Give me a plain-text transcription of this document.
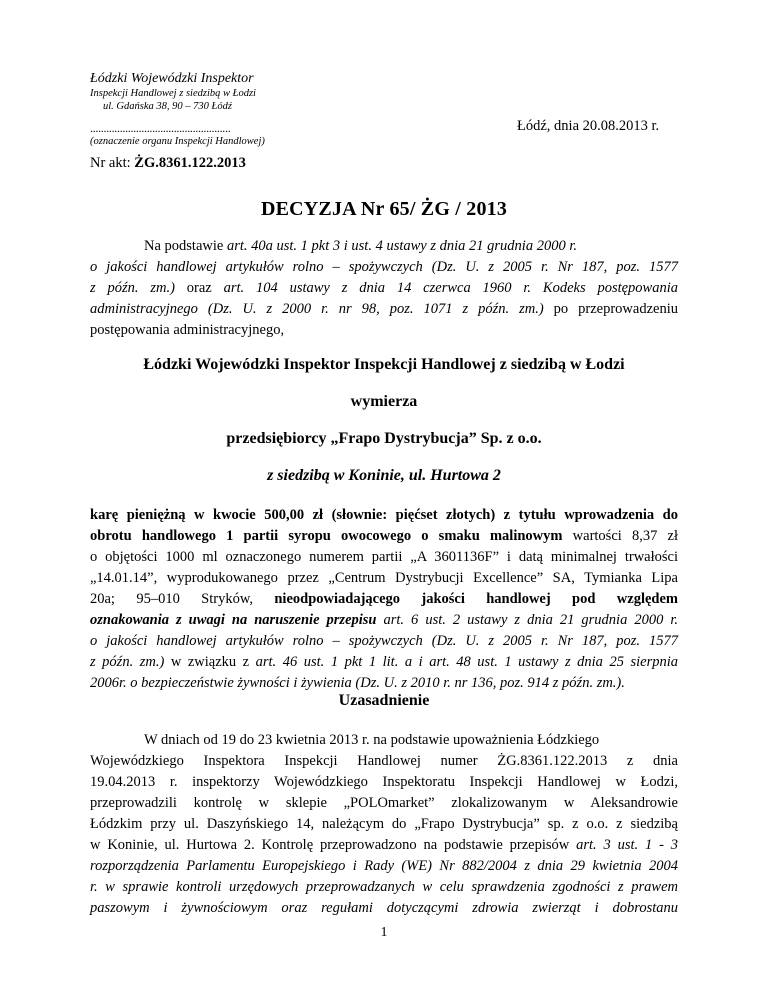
Łódzki Wojewódzki Inspektor
Inspekcji Handlowej z siedzibą w Łodzi
ul. Gdańska 38, 90 – 730 Łódź
....................................................
(oznaczenie organu Inspekcji Handlowej)
Łódź, dnia 20.08.2013 r.
Nr akt: ŻG.8361.122.2013
DECYZJA Nr 65/ ŻG / 2013
Na podstawie art. 40a ust. 1 pkt 3 i ust. 4 ustawy z dnia 21 grudnia 2000 r.
o jakości handlowej artykułów rolno – spożywczych (Dz. U. z 2005 r. Nr 187, poz. 1577
z późn. zm.) oraz art. 104 ustawy z dnia 14 czerwca 1960 r. Kodeks postępowania
administracyjnego (Dz. U. z 2000 r. nr 98, poz. 1071 z późn. zm.) po przeprowadzeniu
postępowania administracyjnego,
Łódzki Wojewódzki Inspektor Inspekcji Handlowej z siedzibą w Łodzi
wymierza
przedsiębiorcy „Frapo Dystrybucja” Sp. z o.o.
z siedzibą w Koninie, ul. Hurtowa 2
karę pieniężną w kwocie 500,00 zł (słownie: pięćset złotych) z tytułu wprowadzenia do
obrotu handlowego 1 partii syropu owocowego o smaku malinowym wartości 8,37 zł
o objętości 1000 ml oznaczonego numerem partii „A 3601136F” i datą minimalnej trwałości
„14.01.14”, wyprodukowanego przez „Centrum Dystrybucji Excellence” SA, Tymianka Lipa
20a; 95–010 Stryków, nieodpowiadającego jakości handlowej pod względem
oznakowania z uwagi na naruszenie przepisu art. 6 ust. 2 ustawy z dnia 21 grudnia 2000 r.
o jakości handlowej artykułów rolno – spożywczych (Dz. U. z 2005 r. Nr 187, poz. 1577
z późn. zm.) w związku z art. 46 ust. 1 pkt 1 lit. a i art. 48 ust. 1 ustawy z dnia 25 sierpnia
2006r. o bezpieczeństwie żywności i żywienia (Dz. U. z 2010 r. nr 136, poz. 914 z późn. zm.).
Uzasadnienie
W dniach od 19 do 23 kwietnia 2013 r. na podstawie upoważnienia Łódzkiego
Wojewódzkiego Inspektora Inspekcji Handlowej numer ŻG.8361.122.2013 z dnia
19.04.2013 r. inspektorzy Wojewódzkiego Inspektoratu Inspekcji Handlowej w Łodzi,
przeprowadzili kontrolę w sklepie „POLOmarket” zlokalizowanym w Aleksandrowie
Łódzkim przy ul. Daszyńskiego 14, należącym do „Frapo Dystrybucja” sp. z o.o. z siedzibą
w Koninie, ul. Hurtowa 2. Kontrolę przeprowadzono na podstawie przepisów art. 3 ust. 1 - 3
rozporządzenia Parlamentu Europejskiego i Rady (WE) Nr 882/2004 z dnia 29 kwietnia 2004
r. w sprawie kontroli urzędowych przeprowadzanych w celu sprawdzenia zgodności z prawem
paszowym i żywnościowym oraz regułami dotyczącymi zdrowia zwierząt i dobrostanu
1
